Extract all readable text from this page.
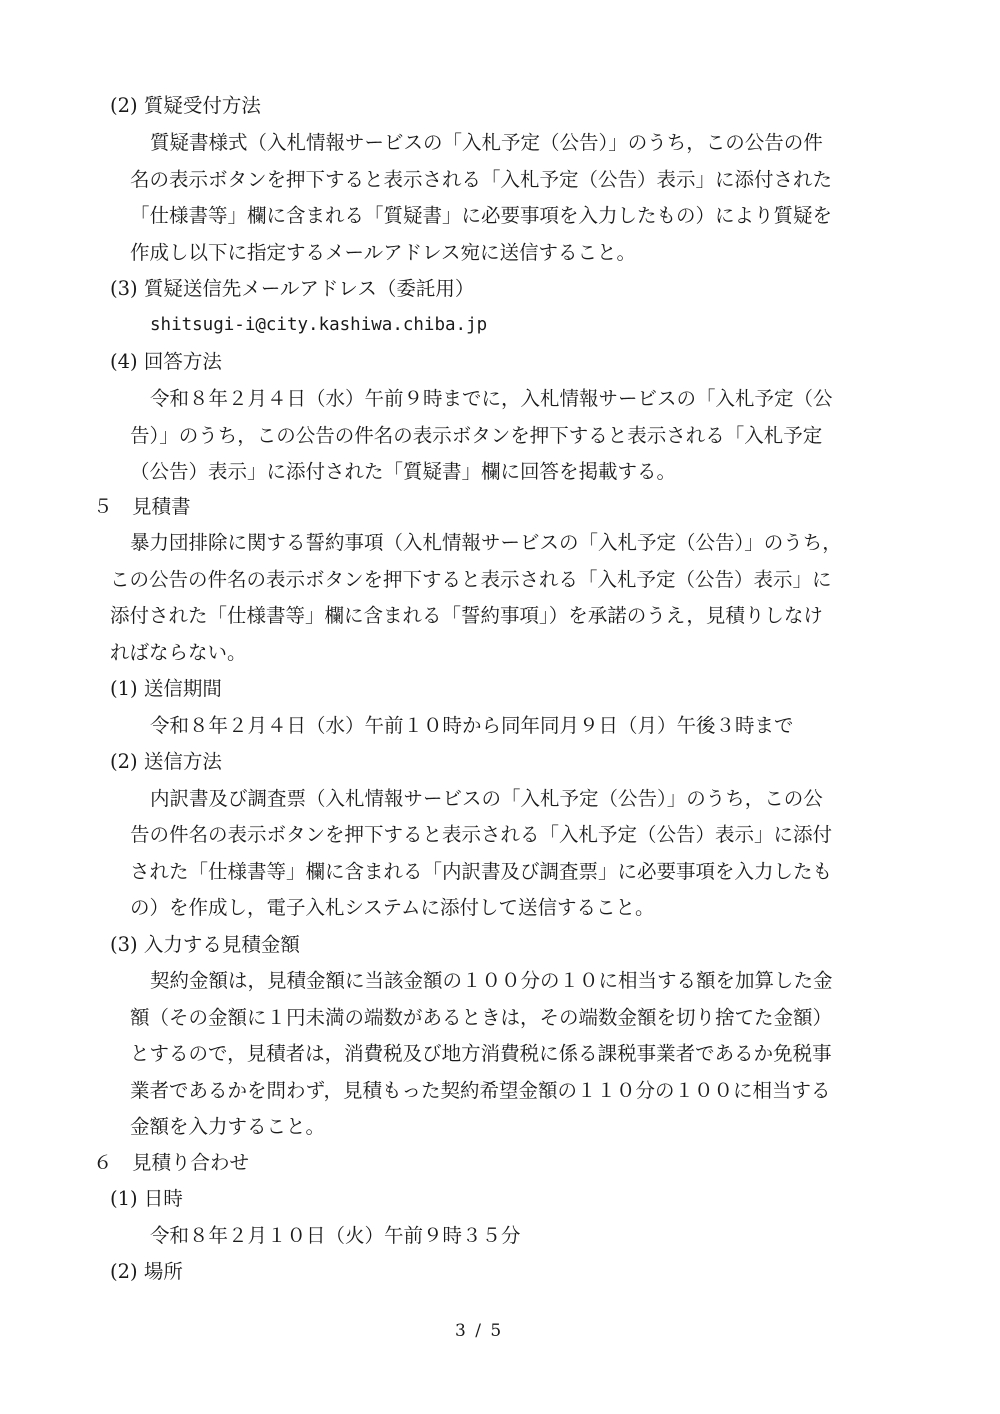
(2) 質疑受付方法
質疑書様式（入札情報サービスの「入札予定（公告）」のうち，この公告の件
名の表示ボタンを押下すると表示される「入札予定（公告）表示」に添付された
「仕様書等」欄に含まれる「質疑書」に必要事項を入力したもの）により質疑を
作成し以下に指定するメールアドレス宛に送信すること。
(3) 質疑送信先メールアドレス（委託用）
shitsugi-i@city.kashiwa.chiba.jp
(4) 回答方法
令和８年２月４日（水）午前９時までに，入札情報サービスの「入札予定（公
告）」のうち，この公告の件名の表示ボタンを押下すると表示される「入札予定
（公告）表示」に添付された「質疑書」欄に回答を掲載する。
５　見積書
暴力団排除に関する誓約事項（入札情報サービスの「入札予定（公告）」のうち，
この公告の件名の表示ボタンを押下すると表示される「入札予定（公告）表示」に
添付された「仕様書等」欄に含まれる「誓約事項」）を承諾のうえ，見積りしなけ
ればならない。
(1) 送信期間
令和８年２月４日（水）午前１０時から同年同月９日（月）午後３時まで
(2) 送信方法
内訳書及び調査票（入札情報サービスの「入札予定（公告）」のうち，この公
告の件名の表示ボタンを押下すると表示される「入札予定（公告）表示」に添付
された「仕様書等」欄に含まれる「内訳書及び調査票」に必要事項を入力したも
の）を作成し，電子入札システムに添付して送信すること。
(3) 入力する見積金額
契約金額は，見積金額に当該金額の１００分の１０に相当する額を加算した金
額（その金額に１円未満の端数があるときは，その端数金額を切り捨てた金額）
とするので，見積者は，消費税及び地方消費税に係る課税事業者であるか免税事
業者であるかを問わず，見積もった契約希望金額の１１０分の１００に相当する
金額を入力すること。
６　見積り合わせ
(1) 日時
令和８年２月１０日（火）午前９時３５分
(2) 場所
3 / 5
